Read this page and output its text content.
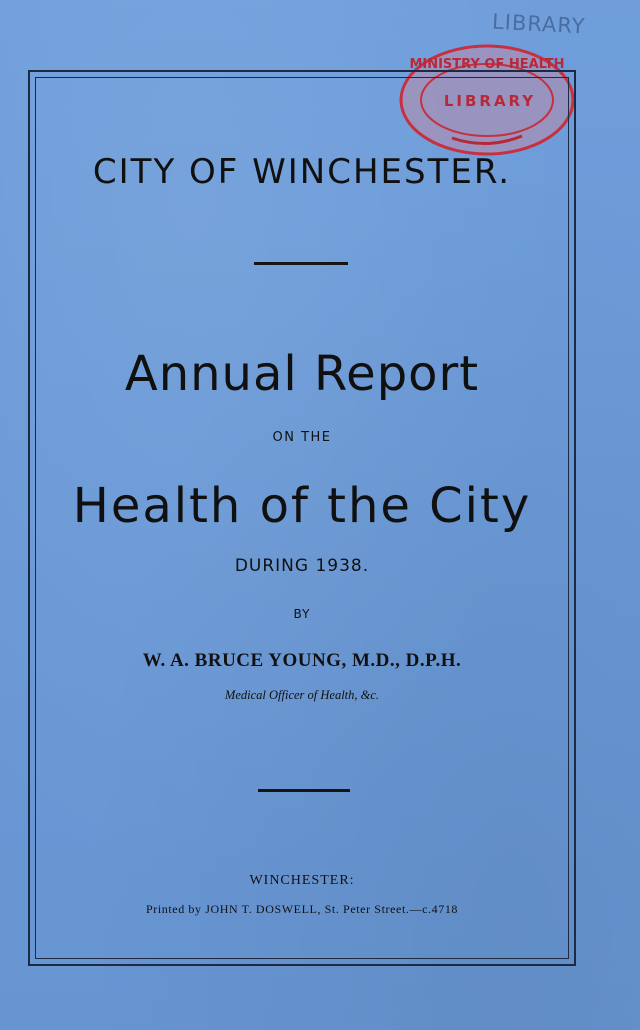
LIBRARY
MINISTRY OF HEALTH
LIBRARY
CITY OF WINCHESTER.
Annual Report
ON THE
Health of the City
DURING 1938.
BY
W. A. BRUCE YOUNG, M.D., D.P.H.
Medical Officer of Health, &c.
WINCHESTER:
Printed by JOHN T. DOSWELL, St. Peter Street.—c.4718
